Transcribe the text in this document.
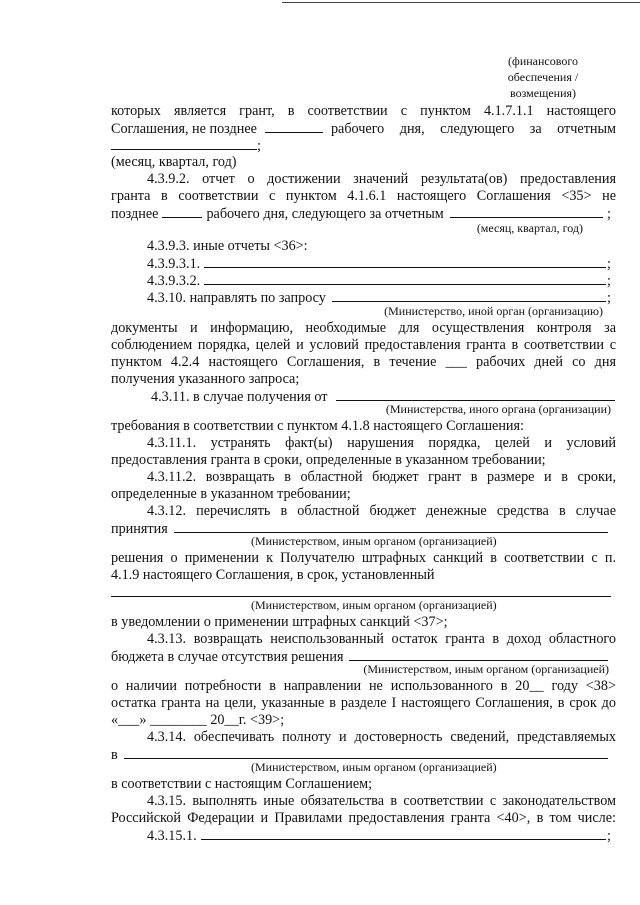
(финансового
обеспечения /
возмещения)
которых является грант, в соответствии с пунктом 4.1.7.1.1 настоящего
Соглашения, не позднее	рабочего дня, следующего за отчетным
;
(месяц, квартал, год)
4.3.9.2. отчет о достижении значений результата(ов) предоставления
гранта в соответствии с пунктом 4.1.6.1 настоящего Соглашения <35> не
позднее	рабочего дня, следующего за отчетным	;
(месяц, квартал, год)
4.3.9.3. иные отчеты <36>:
4.3.9.3.1.	;
4.3.9.3.2.	;
4.3.10. направлять по запросу	;
(Министерство, иной орган (организацию)
документы и информацию, необходимые для осуществления контроля за
соблюдением порядка, целей и условий предоставления гранта в соответствии с
пунктом 4.2.4 настоящего Соглашения, в течение ___ рабочих дней со дня
получения указанного запроса;
4.3.11. в случае получения от
(Министерства, иного органа (организации)
требования в соответствии с пунктом 4.1.8 настоящего Соглашения:
4.3.11.1. устранять факт(ы) нарушения порядка, целей и условий
предоставления гранта в сроки, определенные в указанном требовании;
4.3.11.2. возвращать в областной бюджет грант в размере и в сроки,
определенные в указанном требовании;
4.3.12. перечислять в областной бюджет денежные средства в случае
принятия
(Министерством, иным органом (организацией)
решения о применении к Получателю штрафных санкций в соответствии с п.
4.1.9 настоящего Соглашения, в срок, установленный
(Министерством, иным органом (организацией)
в уведомлении о применении штрафных санкций <37>;
4.3.13. возвращать неиспользованный остаток гранта в доход областного
бюджета в случае отсутствия решения
(Министерством, иным органом (организацией)
о наличии потребности в направлении не использованного в 20__ году <38>
остатка гранта на цели, указанные в разделе I настоящего Соглашения, в срок до
«___» ________ 20__г. <39>;
4.3.14. обеспечивать полноту и достоверность сведений, представляемых
в
(Министерством, иным органом (организацией)
в соответствии с настоящим Соглашением;
4.3.15. выполнять иные обязательства в соответствии с законодательством
Российской Федерации и Правилами предоставления гранта <40>, в том числе:
4.3.15.1.	;
